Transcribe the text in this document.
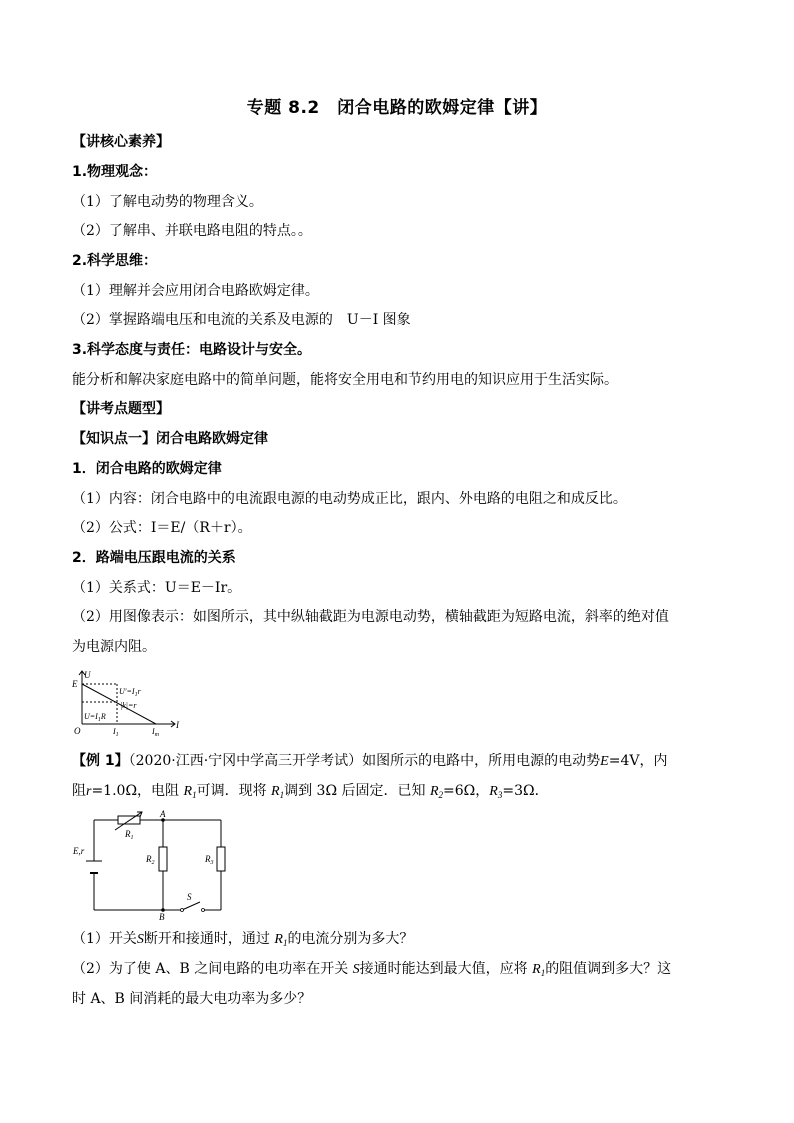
专题 8.2　闭合电路的欧姆定律【讲】
【讲核心素养】
1.物理观念：
（1）了解电动势的物理含义。
（2）了解串、并联电路电阻的特点。。
2.科学思维：
（1）理解并会应用闭合电路欧姆定律。
（2）掌握路端电压和电流的关系及电源的　U－I 图象
3.科学态度与责任：电路设计与安全。
能分析和解决家庭电路中的简单问题，能将安全用电和节约用电的知识应用于生活实际。
【讲考点题型】
【知识点一】闭合电路欧姆定律
1．闭合电路的欧姆定律
（1）内容：闭合电路中的电流跟电源的电动势成正比，跟内、外电路的电阻之和成反比。
（2）公式：I＝E/（R＋r）。
2．路端电压跟电流的关系
（1）关系式：U＝E－Ir。
（2）用图像表示：如图所示，其中纵轴截距为电源电动势，横轴截距为短路电流，斜率的绝对值
为电源内阻。
U
E
O
I
$I_1$	$I_m$
$U'=I_1r$
|k|=r
$U=I_1R$
【例 1】（2020·江西·宁冈中学高三开学考试）如图所示的电路中，所用电源的电动势E=4V，内
阻r=1.0Ω，电阻 $R_1$可调．现将 $R_1$调到 3Ω 后固定．已知 $R_2=6\Omega$，$R_3=3\Omega$．
E,r
$R_1$
$R_2$	$R_3$
A
B
S
（1）开关S断开和接通时，通过 $R_1$的电流分别为多大？
（2）为了使 A、B 之间电路的电功率在开关 S接通时能达到最大值，应将 $R_1$的阻值调到多大？这
时 A、B 间消耗的最大电功率为多少？
